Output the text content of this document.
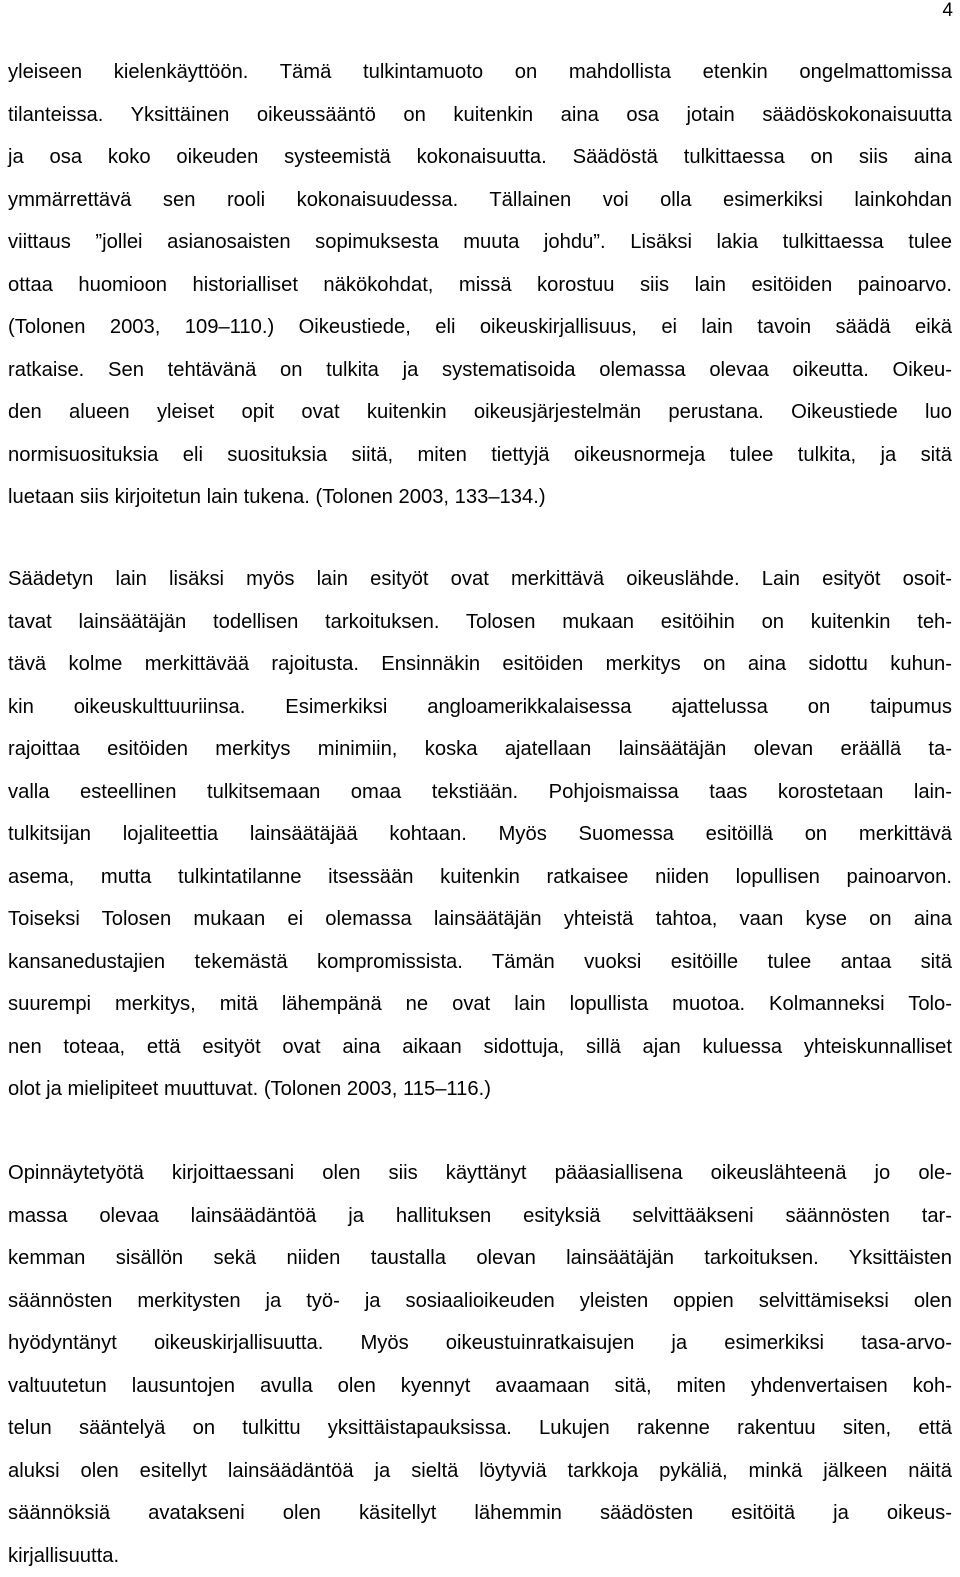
4
yleiseen kielenkäyttöön. Tämä tulkintamuoto on mahdollista etenkin ongelmattomissa
tilanteissa. Yksittäinen oikeussääntö on kuitenkin aina osa jotain säädöskokonaisuutta
ja osa koko oikeuden systeemistä kokonaisuutta. Säädöstä tulkittaessa on siis aina
ymmärrettävä sen rooli kokonaisuudessa. Tällainen voi olla esimerkiksi lainkohdan
viittaus ”jollei asianosaisten sopimuksesta muuta johdu”. Lisäksi lakia tulkittaessa tulee
ottaa huomioon historialliset näkökohdat, missä korostuu siis lain esitöiden painoarvo.
(Tolonen 2003, 109–110.) Oikeustiede, eli oikeuskirjallisuus, ei lain tavoin säädä eikä
ratkaise. Sen tehtävänä on tulkita ja systematisoida olemassa olevaa oikeutta. Oikeu-
den alueen yleiset opit ovat kuitenkin oikeusjärjestelmän perustana. Oikeustiede luo
normisuosituksia eli suosituksia siitä, miten tiettyjä oikeusnormeja tulee tulkita, ja sitä
luetaan siis kirjoitetun lain tukena. (Tolonen 2003, 133–134.)
Säädetyn lain lisäksi myös lain esityöt ovat merkittävä oikeuslähde. Lain esityöt osoit-
tavat lainsäätäjän todellisen tarkoituksen. Tolosen mukaan esitöihin on kuitenkin teh-
tävä kolme merkittävää rajoitusta. Ensinnäkin esitöiden merkitys on aina sidottu kuhun-
kin oikeuskulttuuriinsa. Esimerkiksi angloamerikkalaisessa ajattelussa on taipumus
rajoittaa esitöiden merkitys minimiin, koska ajatellaan lainsäätäjän olevan eräällä ta-
valla esteellinen tulkitsemaan omaa tekstiään. Pohjoismaissa taas korostetaan lain-
tulkitsijan lojaliteettia lainsäätäjää kohtaan. Myös Suomessa esitöillä on merkittävä
asema, mutta tulkintatilanne itsessään kuitenkin ratkaisee niiden lopullisen painoarvon.
Toiseksi Tolosen mukaan ei olemassa lainsäätäjän yhteistä tahtoa, vaan kyse on aina
kansanedustajien tekemästä kompromissista. Tämän vuoksi esitöille tulee antaa sitä
suurempi merkitys, mitä lähempänä ne ovat lain lopullista muotoa. Kolmanneksi Tolo-
nen toteaa, että esityöt ovat aina aikaan sidottuja, sillä ajan kuluessa yhteiskunnalliset
olot ja mielipiteet muuttuvat. (Tolonen 2003, 115–116.)
Opinnäytetyötä kirjoittaessani olen siis käyttänyt pääasiallisena oikeuslähteenä jo ole-
massa olevaa lainsäädäntöä ja hallituksen esityksiä selvittääkseni säännösten tar-
kemman sisällön sekä niiden taustalla olevan lainsäätäjän tarkoituksen. Yksittäisten
säännösten merkitysten ja työ- ja sosiaalioikeuden yleisten oppien selvittämiseksi olen
hyödyntänyt oikeuskirjallisuutta. Myös oikeustuinratkaisujen ja esimerkiksi tasa-arvo-
valtuutetun lausuntojen avulla olen kyennyt avaamaan sitä, miten yhdenvertaisen koh-
telun sääntelyä on tulkittu yksittäistapauksissa. Lukujen rakenne rakentuu siten, että
aluksi olen esitellyt lainsäädäntöä ja sieltä löytyviä tarkkoja pykäliä, minkä jälkeen näitä
säännöksiä avatakseni olen käsitellyt lähemmin säädösten esitöitä ja oikeus-
kirjallisuutta.
